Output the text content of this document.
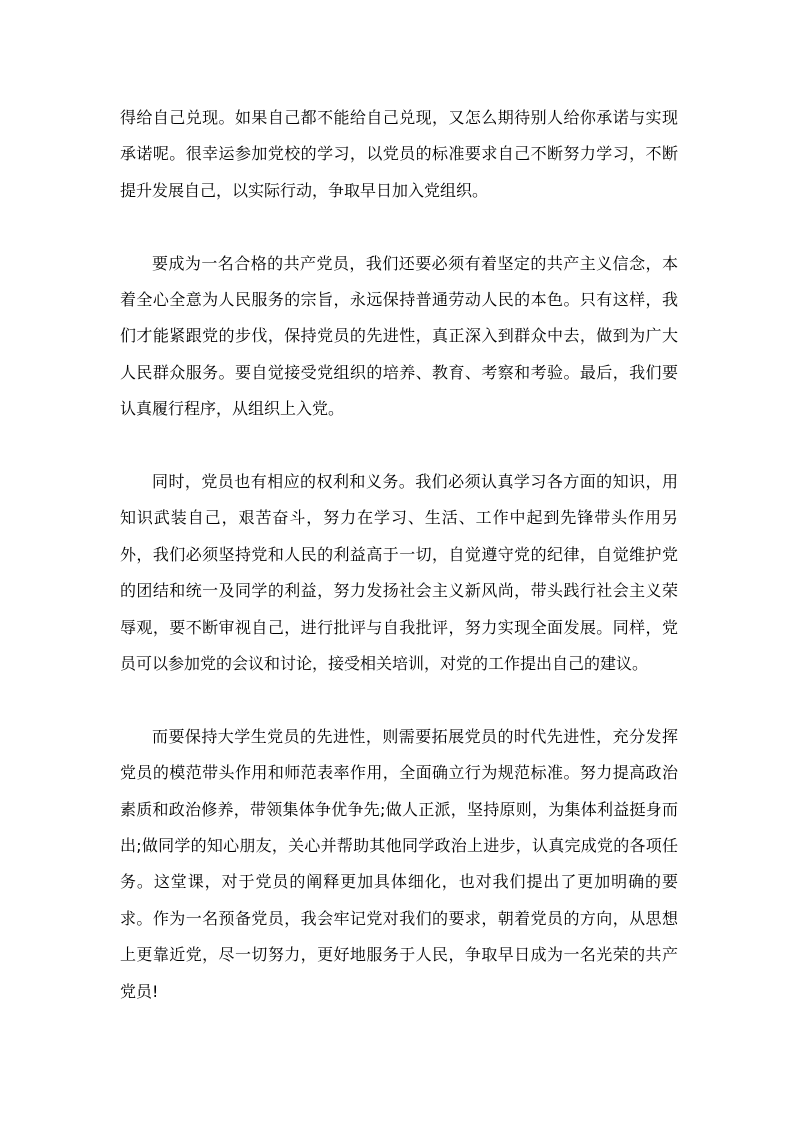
得给自己兑现。如果自己都不能给自己兑现，又怎么期待别人给你承诺与实现承诺呢。很幸运参加党校的学习，以党员的标准要求自己不断努力学习，不断提升发展自己，以实际行动，争取早日加入党组织。

要成为一名合格的共产党员，我们还要必须有着坚定的共产主义信念，本着全心全意为人民服务的宗旨，永远保持普通劳动人民的本色。只有这样，我们才能紧跟党的步伐，保持党员的先进性，真正深入到群众中去，做到为广大人民群众服务。要自觉接受党组织的培养、教育、考察和考验。最后，我们要认真履行程序，从组织上入党。

同时，党员也有相应的权利和义务。我们必须认真学习各方面的知识，用知识武装自己，艰苦奋斗，努力在学习、生活、工作中起到先锋带头作用另外，我们必须坚持党和人民的利益高于一切，自觉遵守党的纪律，自觉维护党的团结和统一及同学的利益，努力发扬社会主义新风尚，带头践行社会主义荣辱观，要不断审视自己，进行批评与自我批评，努力实现全面发展。同样，党员可以参加党的会议和讨论，接受相关培训，对党的工作提出自己的建议。

而要保持大学生党员的先进性，则需要拓展党员的时代先进性，充分发挥党员的模范带头作用和师范表率作用，全面确立行为规范标准。努力提高政治素质和政治修养，带领集体争优争先;做人正派，坚持原则，为集体利益挺身而出;做同学的知心朋友，关心并帮助其他同学政治上进步，认真完成党的各项任务。这堂课，对于党员的阐释更加具体细化，也对我们提出了更加明确的要求。作为一名预备党员，我会牢记党对我们的要求，朝着党员的方向，从思想上更靠近党，尽一切努力，更好地服务于人民，争取早日成为一名光荣的共产党员!
